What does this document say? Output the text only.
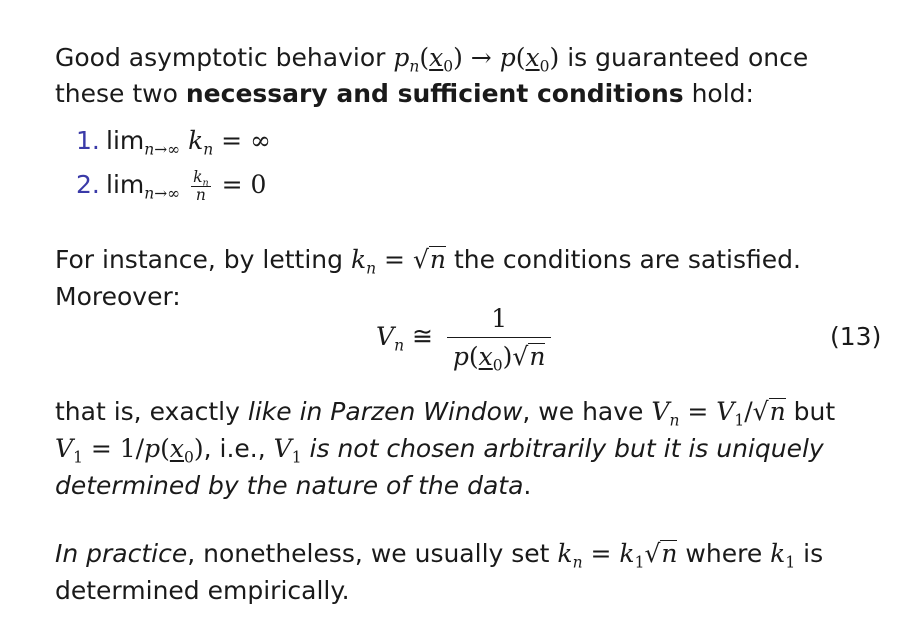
Good asymptotic behavior $p_n(x_0) \to p(x_0)$ is guaranteed once
these two necessary and sufficient conditions hold:
1. $\lim_{n\to\infty} k_n$ = ∞
2. $\lim_{n\to\infty} \frac{k_n}{n} = 0$
For instance, by letting $k_n = √n$ the conditions are satisfied.
Moreover:
$V_n$ ≅ $\frac{1}{p(x_0)√n}$	(13)
that is, exactly like in Parzen Window, we have $V_n = V_1/√n$ but
$V_1 = 1/p(x_0)$, i.e., $V_1$ is not chosen arbitrarily but it is uniquely
determined by the nature of the data.
In practice, nonetheless, we usually set $k_n = k_1√n$ where $k_1$ is
determined empirically.
